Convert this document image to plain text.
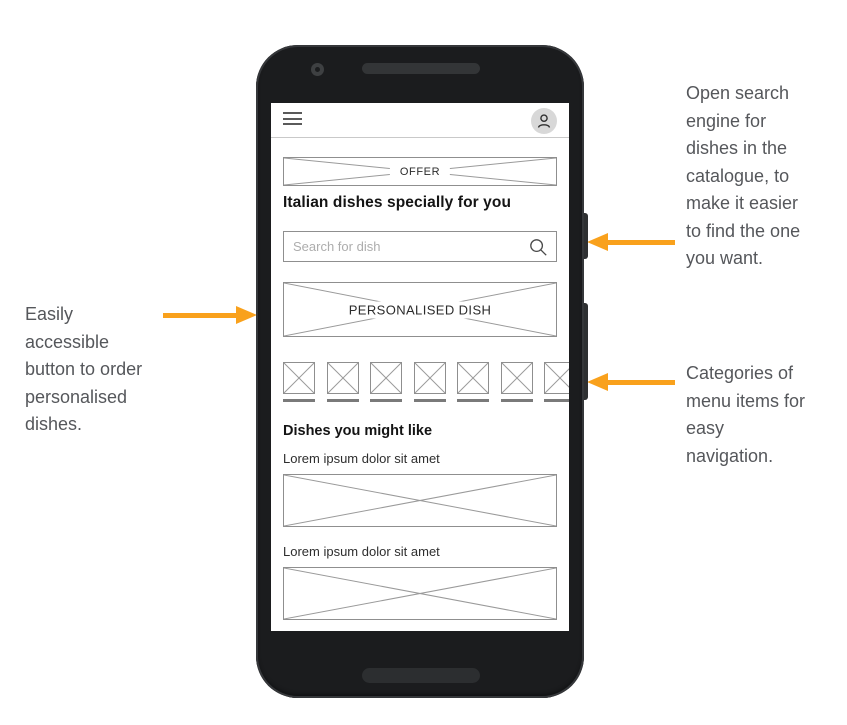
Easily
accessible
button to order
personalised
dishes.
Open search
engine for
dishes in the
catalogue, to
make it easier
to find the one
you want.
Categories of
menu items for
easy
navigation.
OFFER
Italian dishes specially for you
Search for dish
PERSONALISED DISH
Dishes you might like
Lorem ipsum dolor sit amet
Lorem ipsum dolor sit amet
